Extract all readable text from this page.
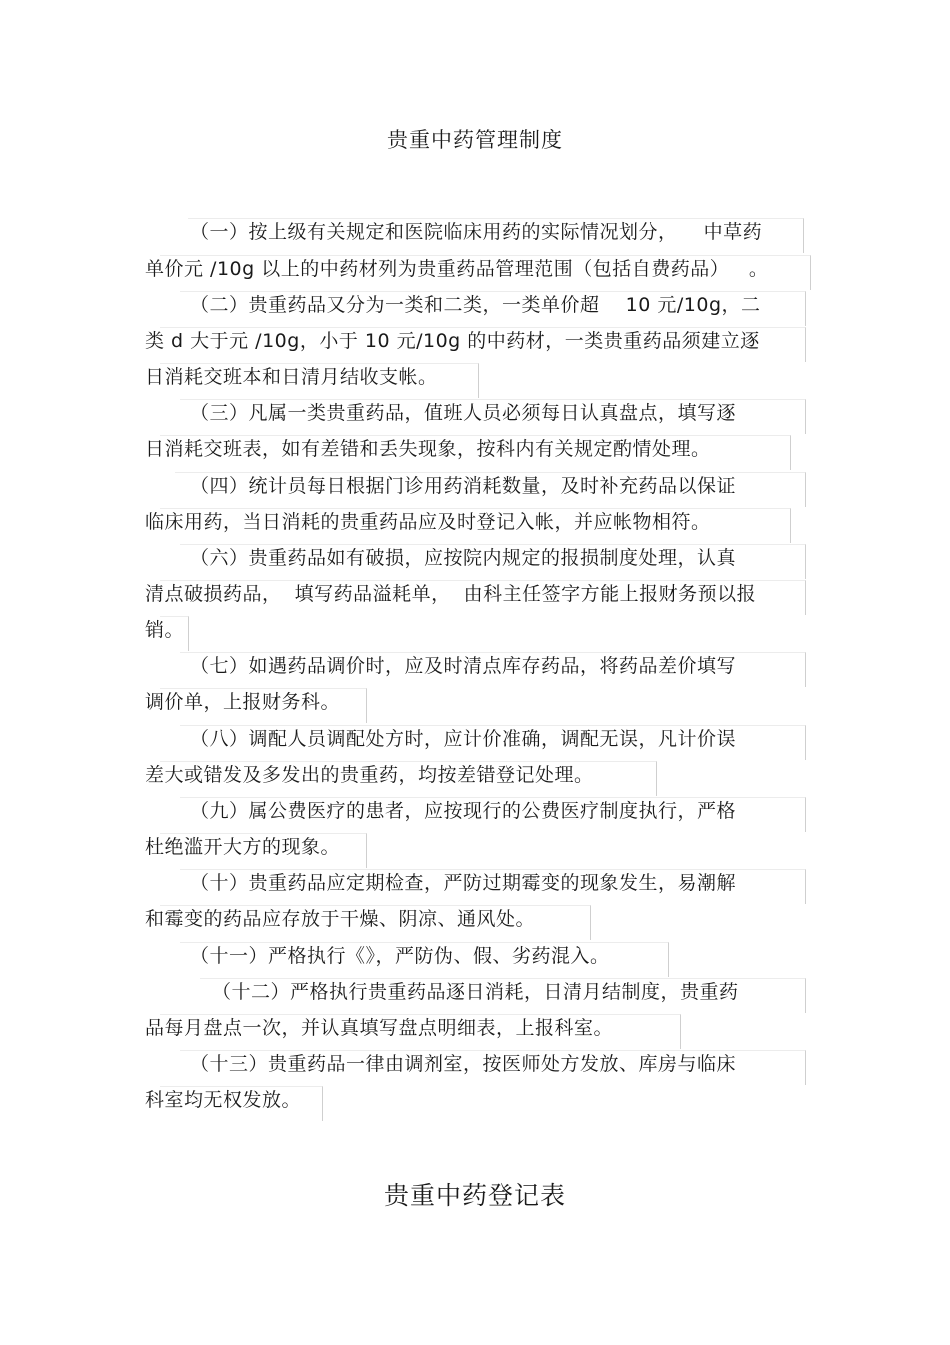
贵重中药管理制度
（一）按上级有关规定和医院临床用药的实际情况划分，    中草药
单价元 /10g 以上的中药材列为贵重药品管理范围（包括自费药品）   。
（二）贵重药品又分为一类和二类，一类单价超    10 元/10g，二
类 d 大于元 /10g，小于 10 元/10g 的中药材，一类贵重药品须建立逐
日消耗交班本和日清月结收支帐。
（三）凡属一类贵重药品，值班人员必须每日认真盘点，填写逐
日消耗交班表，如有差错和丢失现象，按科内有关规定酌情处理。
（四）统计员每日根据门诊用药消耗数量，及时补充药品以保证
临床用药，当日消耗的贵重药品应及时登记入帐，并应帐物相符。
（六）贵重药品如有破损，应按院内规定的报损制度处理，认真
清点破损药品，  填写药品溢耗单，  由科主任签字方能上报财务预以报
销。
（七）如遇药品调价时，应及时清点库存药品，将药品差价填写
调价单，上报财务科。
（八）调配人员调配处方时，应计价准确，调配无误，凡计价误
差大或错发及多发出的贵重药，均按差错登记处理。
（九）属公费医疗的患者，应按现行的公费医疗制度执行，严格
杜绝滥开大方的现象。
（十）贵重药品应定期检查，严防过期霉变的现象发生，易潮解
和霉变的药品应存放于干燥、阴凉、通风处。
（十一）严格执行《》，严防伪、假、劣药混入。
（十二）严格执行贵重药品逐日消耗，日清月结制度，贵重药
品每月盘点一次，并认真填写盘点明细表，上报科室。
（十三）贵重药品一律由调剂室，按医师处方发放、库房与临床
科室均无权发放。
贵重中药登记表
